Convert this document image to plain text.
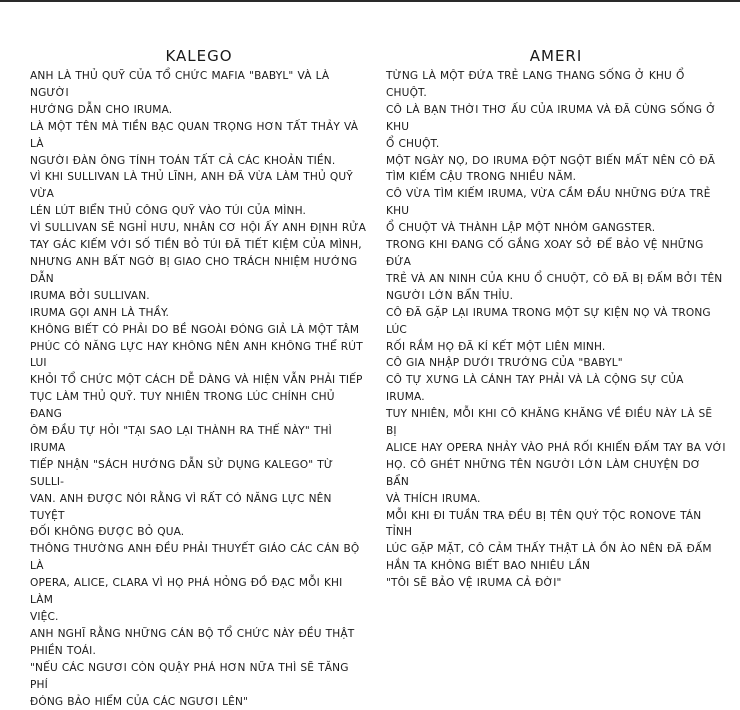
KALEGO

ANH LÀ THỦ QUỸ CỦA TỔ CHỨC MAFIA "BABYL" VÀ LÀ NGƯỜI
HƯỚNG DẪN CHO IRUMA.

LÀ MỘT TÊN MÀ TIỀN BẠC QUAN TRỌNG HƠN TẤT THẢY VÀ LÀ
NGƯỜI ĐÀN ÔNG TÍNH TOÁN TẤT CẢ CÁC KHOẢN TIỀN.

VÌ KHI SULLIVAN LÀ THỦ LĨNH, ANH ĐÃ VỪA LÀM THỦ QUỸ VỪA
LÉN LÚT BIỂN THỦ CÔNG QUỸ VÀO TÚI CỦA MÌNH.

VÌ SULLIVAN SẼ NGHỈ HƯU, NHÂN CƠ HỘI ẤY ANH ĐỊNH RỬA
TAY GÁC KIẾM VỚI SỐ TIỀN BỎ TÚI ĐÃ TIẾT KIỆM CỦA MÌNH,
NHƯNG ANH BẤT NGỜ BỊ GIAO CHO TRÁCH NHIỆM HƯỚNG DẪN
IRUMA BỞI SULLIVAN.

IRUMA GỌI ANH LÀ THẦY.

KHÔNG BIẾT CÓ PHẢI DO BỀ NGOÀI ĐÓNG GIẢ LÀ MỘT TÂM
PHÚC CÓ NĂNG LỰC HAY KHÔNG NÊN ANH KHÔNG THỂ RÚT LUI
KHỎI TỔ CHỨC MỘT CÁCH DỄ DÀNG VÀ HIỆN VẪN PHẢI TIẾP
TỤC LÀM THỦ QUỸ. TUY NHIÊN TRONG LÚC CHÍNH CHỦ ĐANG
ÔM ĐẦU TỰ HỎI "TẠI SAO LẠI THÀNH RA THẾ NÀY" THÌ IRUMA
TIẾP NHẬN "SÁCH HƯỚNG DẪN SỬ DỤNG KALEGO" TỪ SULLI-
VAN. ANH ĐƯỢC NÓI RẰNG VÌ RẤT CÓ NĂNG LỰC NÊN TUYỆT
ĐỐI KHÔNG ĐƯỢC BỎ QUA.

THÔNG THƯỜNG ANH ĐỀU PHẢI THUYẾT GIÁO CÁC CÁN BỘ LÀ
OPERA, ALICE, CLARA VÌ HỌ PHÁ HỎNG ĐỒ ĐẠC MỖI KHI LÀM
VIỆC.

ANH NGHĨ RẰNG NHỮNG CÁN BỘ TỔ CHỨC NÀY ĐỀU THẬT
PHIỀN TOÁI.

"NẾU CÁC NGƯƠI CÒN QUẬY PHÁ HƠN NỮA THÌ SẼ TĂNG PHÍ
ĐÓNG BẢO HIỂM CỦA CÁC NGƯƠI LÊN"

AMERI

TỪNG LÀ MỘT ĐỨA TRẺ LANG THANG SỐNG Ở KHU Ổ CHUỘT.
CÔ LÀ BẠN THỜI THƠ ẤU CỦA IRUMA VÀ ĐÃ CÙNG SỐNG Ở KHU
Ổ CHUỘT.

MỘT NGÀY NỌ, DO IRUMA ĐỘT NGỘT BIẾN MẤT NÊN CÔ ĐÃ
TÌM KIẾM CẬU TRONG NHIỀU NĂM.

CÔ VỪA TÌM KIẾM IRUMA, VỪA CẦM ĐẦU NHỮNG ĐỨA TRẺ KHU
Ổ CHUỘT VÀ THÀNH LẬP MỘT NHÓM GANGSTER.

TRONG KHI ĐANG CỐ GẮNG XOAY SỞ ĐỂ BẢO VỆ NHỮNG ĐỨA
TRẺ VÀ AN NINH CỦA KHU Ổ CHUỘT, CÔ ĐÃ BỊ ĐẤM BỞI TÊN
NGƯỜI LỚN BẨN THỈU.

CÔ ĐÃ GẶP LẠI IRUMA TRONG MỘT SỰ KIỆN NỌ VÀ TRONG LÚC
RỐI RẮM HỌ ĐÃ KÍ KẾT MỘT LIÊN MINH.

CÔ GIA NHẬP DƯỚI TRƯỚNG CỦA "BABYL"

CÔ TỰ XƯNG LÀ CÁNH TAY PHẢI VÀ LÀ CỘNG SỰ CỦA IRUMA.
TUY NHIÊN, MỖI KHI CÔ KHĂNG KHĂNG VỀ ĐIỀU NÀY LÀ SẼ BỊ
ALICE HAY OPERA NHẢY VÀO PHÁ RỐI KHIẾN ĐẤM TAY BA VỚI
HỌ. CÔ GHÉT NHỮNG TÊN NGƯỜI LỚN LÀM CHUYỆN DƠ BẨN
VÀ THÍCH IRUMA.

MỖI KHI ĐI TUẦN TRA ĐỀU BỊ TÊN QUÝ TỘC RONOVE TÁN TỈNH
LÚC GẶP MẶT, CÔ CẢM THẤY THẬT LÀ ỒN ÀO NÊN ĐÃ ĐẤM
HẮN TA KHÔNG BIẾT BAO NHIÊU LẦN
"TÔI SẼ BẢO VỆ IRUMA CẢ ĐỜI"
